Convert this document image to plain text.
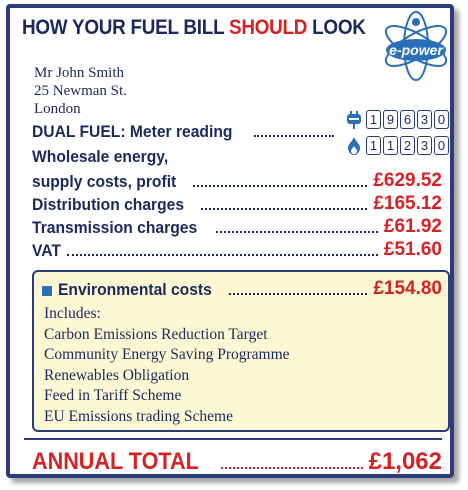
HOW YOUR FUEL BILL SHOULD LOOK
e-power
Mr John Smith
25 Newman St.
London
1 9 6 3 0
1 1 2 3 0
DUAL FUEL: Meter reading
Wholesale energy,
supply costs, profit	£629.52
Distribution charges	£165.12
Transmission charges	£61.92
VAT	£51.60
Environmental costs	£154.80
Includes:
Carbon Emissions Reduction Target
Community Energy Saving Programme
Renewables Obligation
Feed in Tariff Scheme
EU Emissions trading Scheme
ANNUAL TOTAL	£1,062
